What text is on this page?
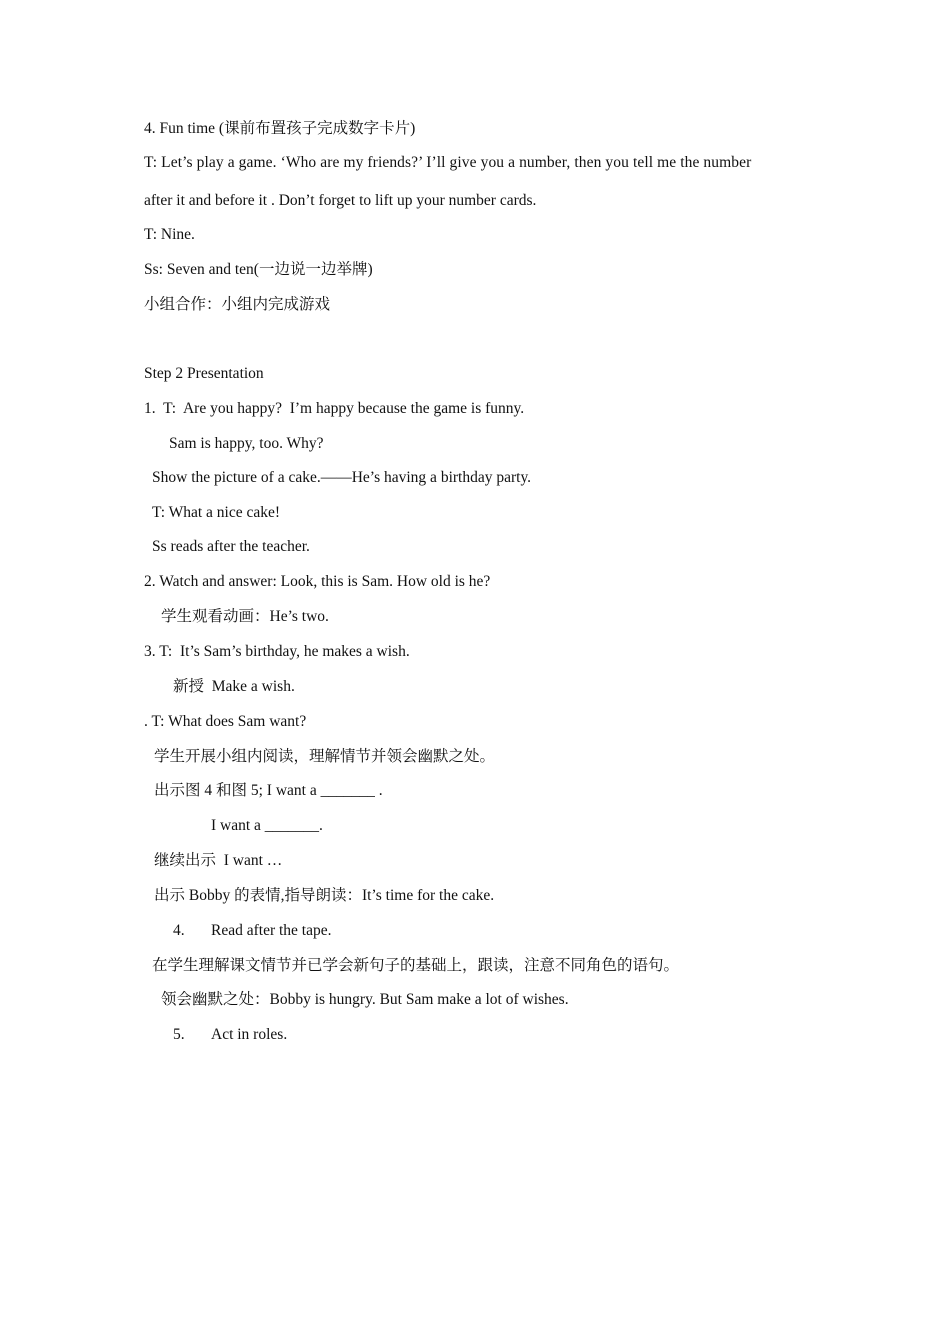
4. Fun time (课前布置孩子完成数字卡片)
T: Let’s play a game. ‘Who are my friends?’ I’ll give you a number, then you tell me the number
after it and before it . Don’t forget to lift up your number cards.
T: Nine.
Ss: Seven and ten(一边说一边举牌)
小组合作：小组内完成游戏
Step 2 Presentation
1.  T:  Are you happy?  I’m happy because the game is funny.
Sam is happy, too. Why?
Show the picture of a cake.——He’s having a birthday party.
T: What a nice cake!
Ss reads after the teacher.
2. Watch and answer: Look, this is Sam. How old is he?
学生观看动画：He’s two.
3. T:  It’s Sam’s birthday, he makes a wish.
新授  Make a wish.
. T: What does Sam want?
学生开展小组内阅读，理解情节并领会幽默之处。
出示图 4 和图 5; I want a _______ .
I want a _______.
继续出示  I want …
出示 Bobby 的表情,指导朗读：It’s time for the cake.
4. Read after the tape.
在学生理解课文情节并已学会新句子的基础上，跟读，注意不同角色的语句。
领会幽默之处：Bobby is hungry. But Sam make a lot of wishes.
5. Act in roles.
